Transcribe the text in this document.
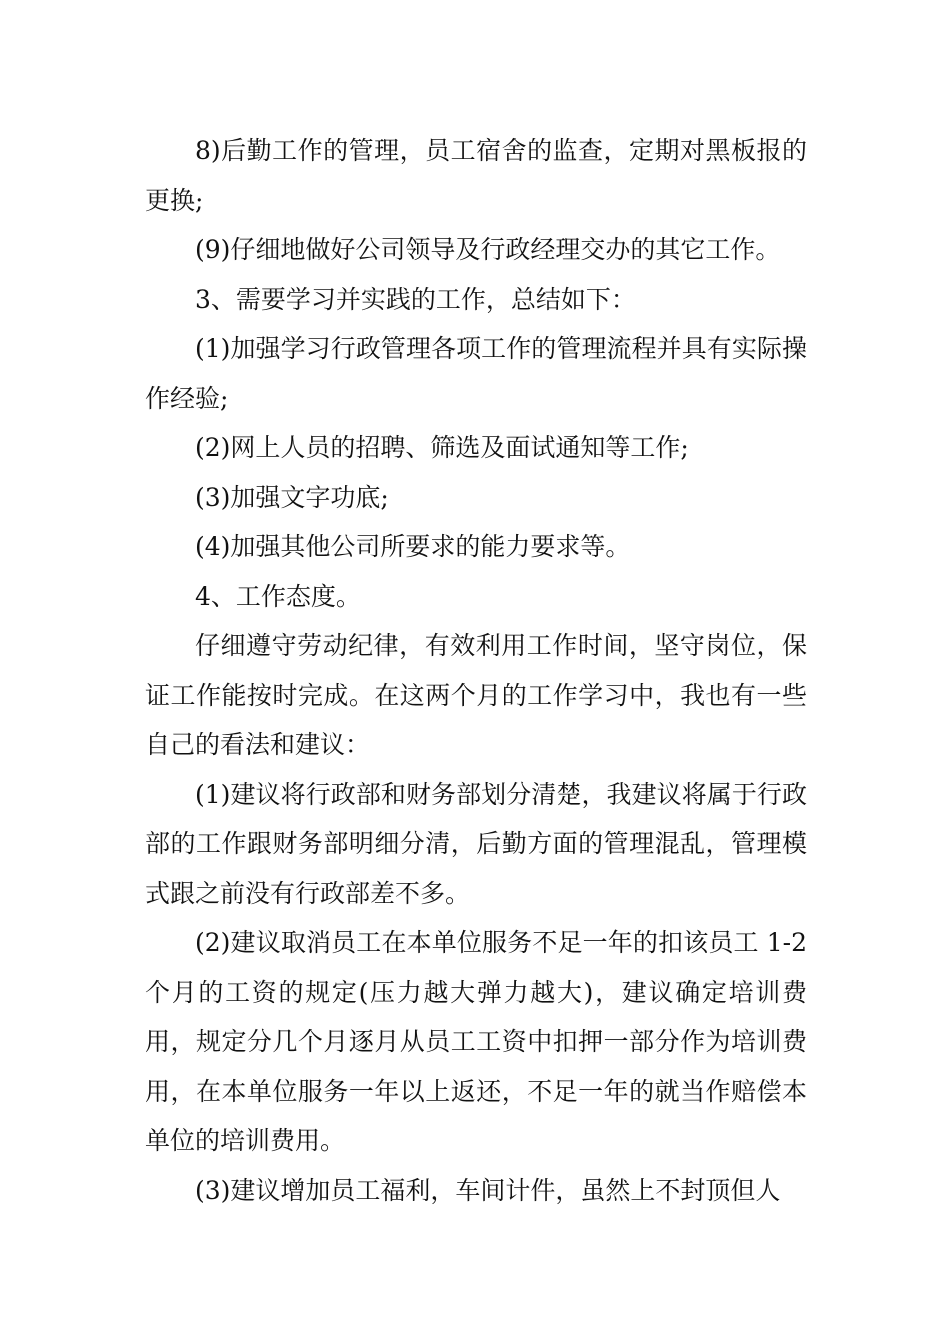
8)后勤工作的管理，员工宿舍的监查，定期对黑板报的更换;

(9)仔细地做好公司领导及行政经理交办的其它工作。

3、需要学习并实践的工作，总结如下：

(1)加强学习行政管理各项工作的管理流程并具有实际操作经验;

(2)网上人员的招聘、筛选及面试通知等工作;

(3)加强文字功底;

(4)加强其他公司所要求的能力要求等。

4、工作态度。

仔细遵守劳动纪律，有效利用工作时间，坚守岗位，保证工作能按时完成。在这两个月的工作学习中，我也有一些自己的看法和建议：

(1)建议将行政部和财务部划分清楚，我建议将属于行政部的工作跟财务部明细分清，后勤方面的管理混乱，管理模式跟之前没有行政部差不多。

(2)建议取消员工在本单位服务不足一年的扣该员工 1-2 个月的工资的规定(压力越大弹力越大)，建议确定培训费用，规定分几个月逐月从员工工资中扣押一部分作为培训费用，在本单位服务一年以上返还，不足一年的就当作赔偿本单位的培训费用。

(3)建议增加员工福利，车间计件，虽然上不封顶但人
